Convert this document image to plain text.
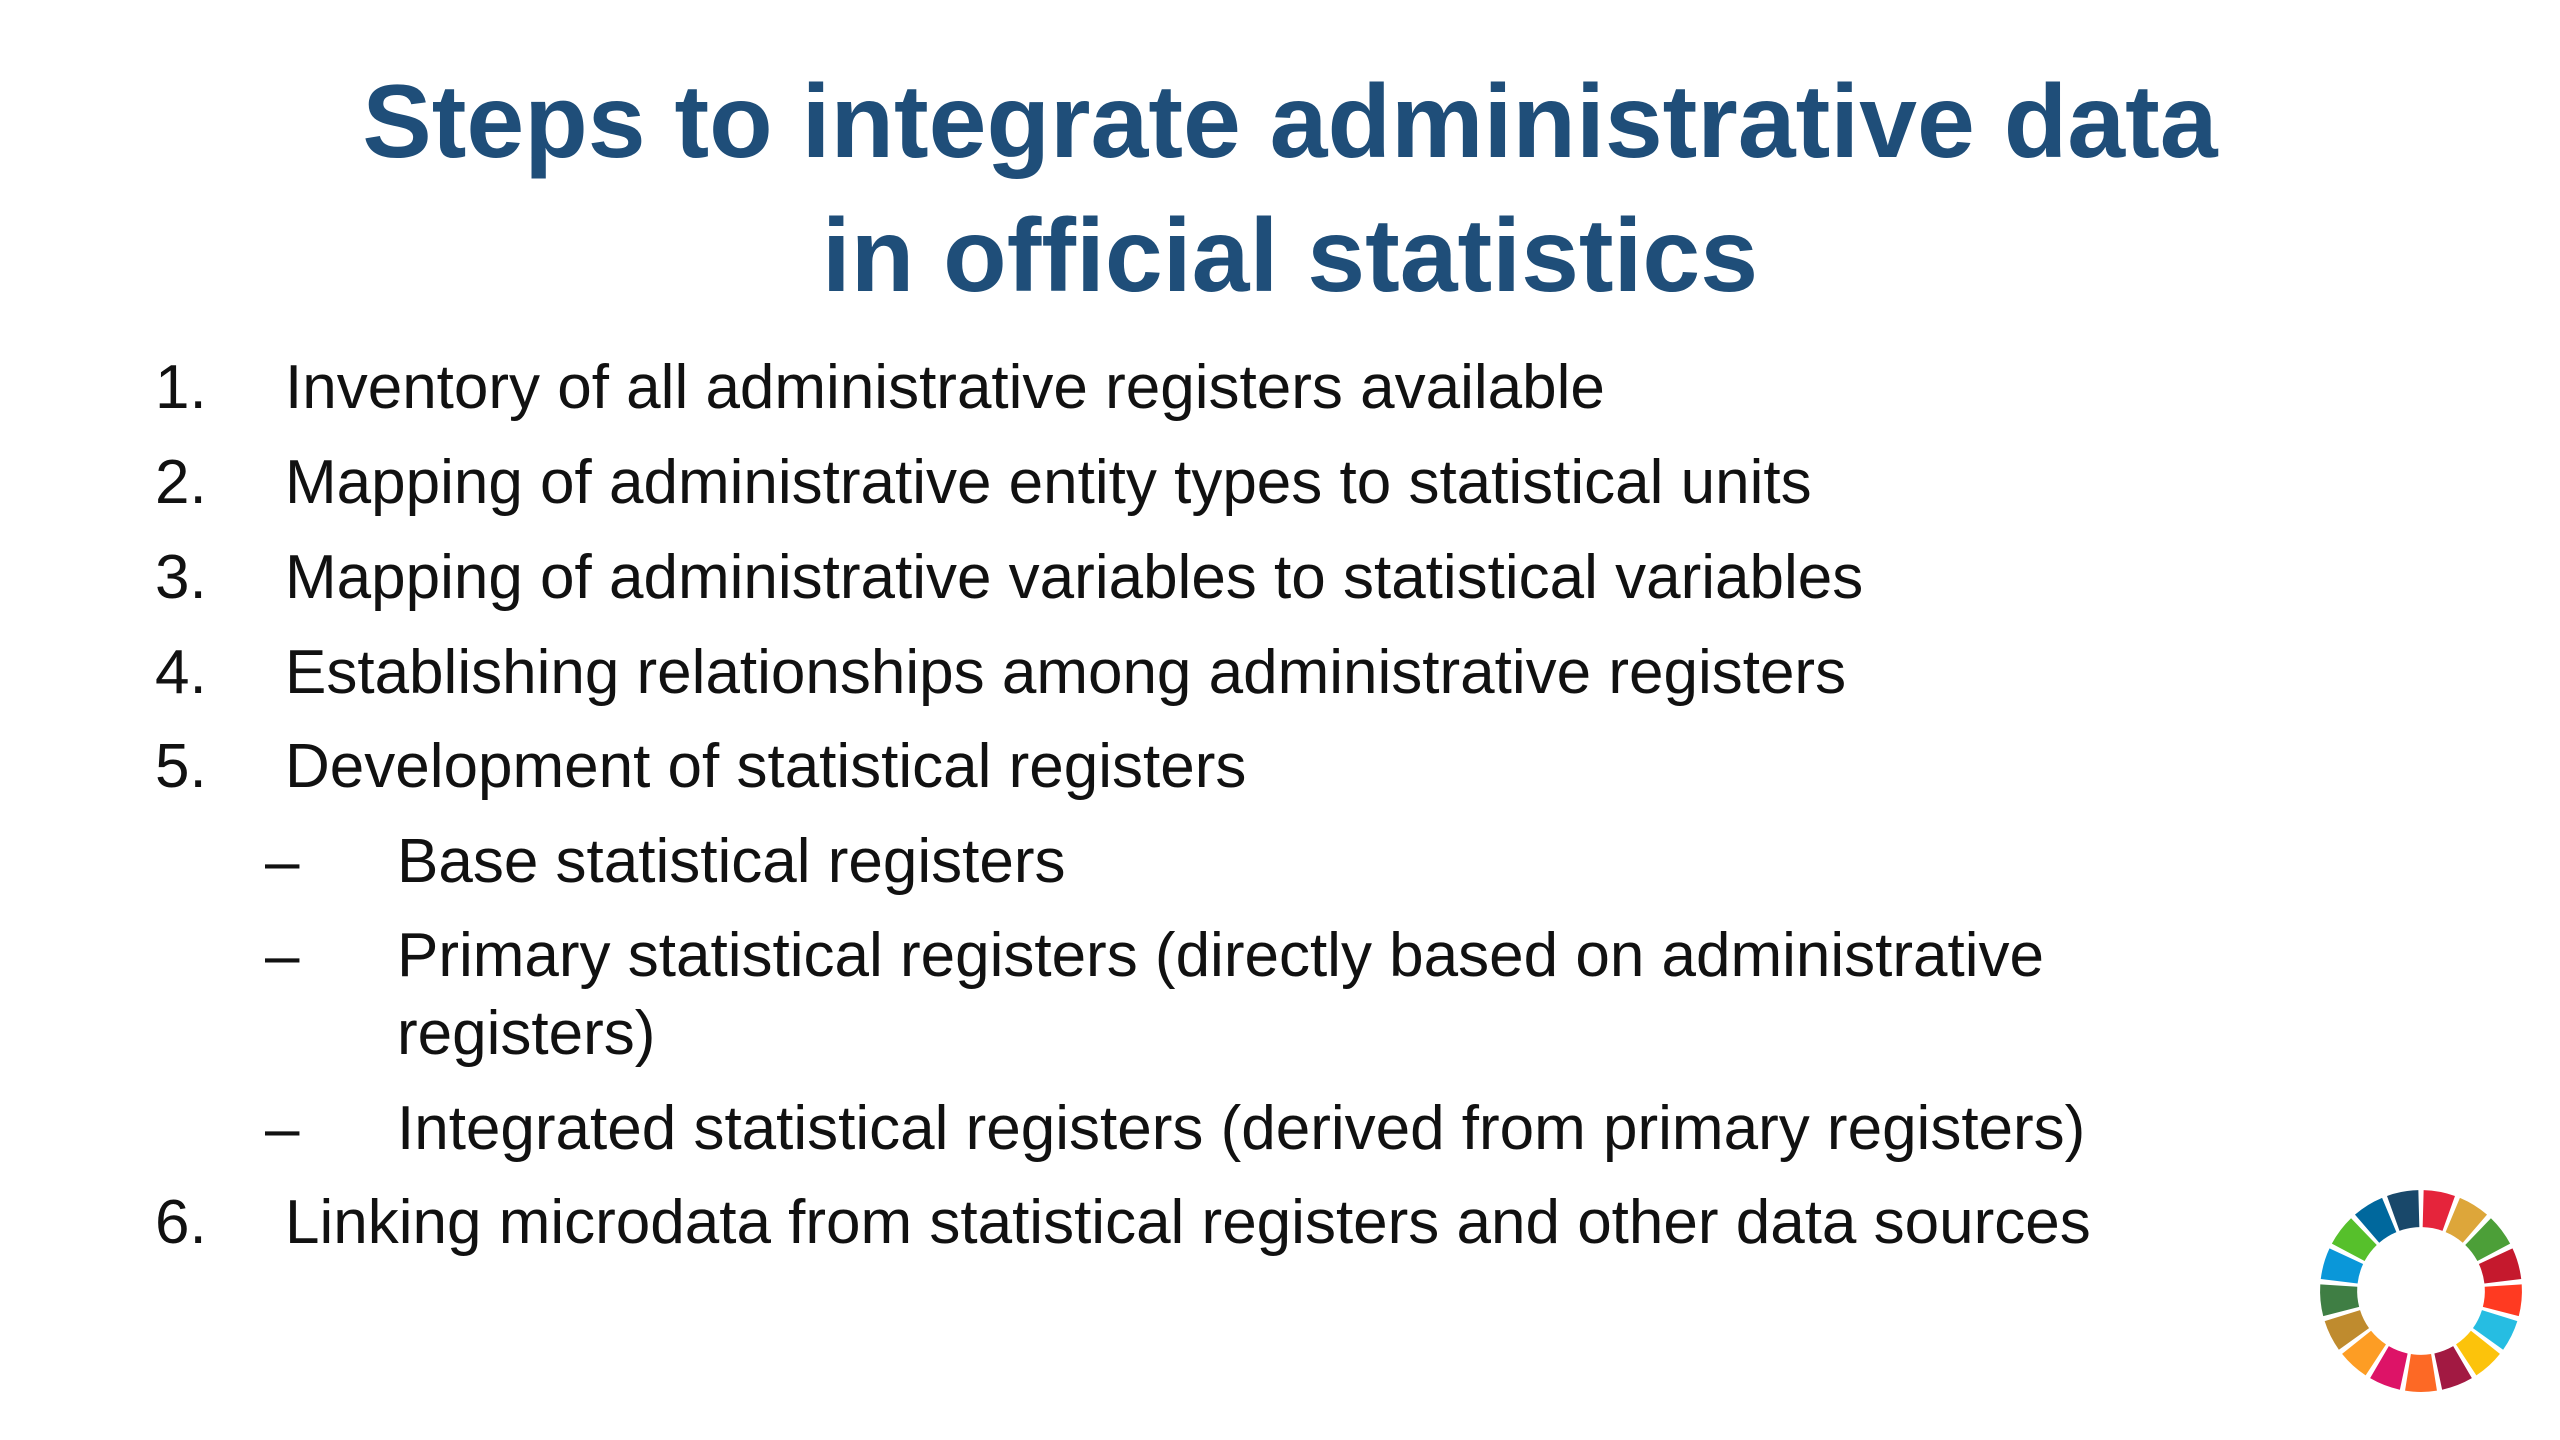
Steps to integrate administrative data
in official statistics
1. Inventory of all administrative registers available
2. Mapping of administrative entity types to statistical units
3. Mapping of administrative variables to statistical variables
4. Establishing relationships among administrative registers
5. Development of statistical registers
– Base statistical registers
– Primary statistical registers (directly based on administrative
registers)
– Integrated statistical registers (derived from primary registers)
6. Linking microdata from statistical registers and other data sources
